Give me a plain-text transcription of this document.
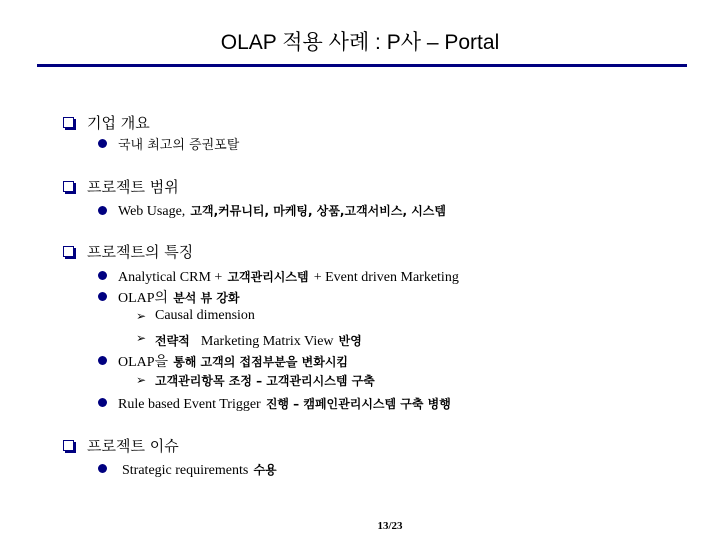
OLAP 적용 사례 : P사 – Portal
기업 개요
국내 최고의 증권포탈
프로젝트 범위
Web Usage, 고객,커뮤니티, 마케팅, 상품,고객서비스, 시스템
프로젝트의 특징
Analytical CRM + 고객관리시스템 + Event driven Marketing
OLAP의 분석 뷰 강화
➢ Causal dimension
➢ 전략적 Marketing Matrix View 반영
OLAP을 통해 고객의 접점부분을 변화시킴
➢ 고객관리항목 조정 – 고객관리시스템 구축
Rule based Event Trigger 진행 – 캠페인관리시스템 구축 병행
프로젝트 이슈
Strategic requirements 수용
13/23
